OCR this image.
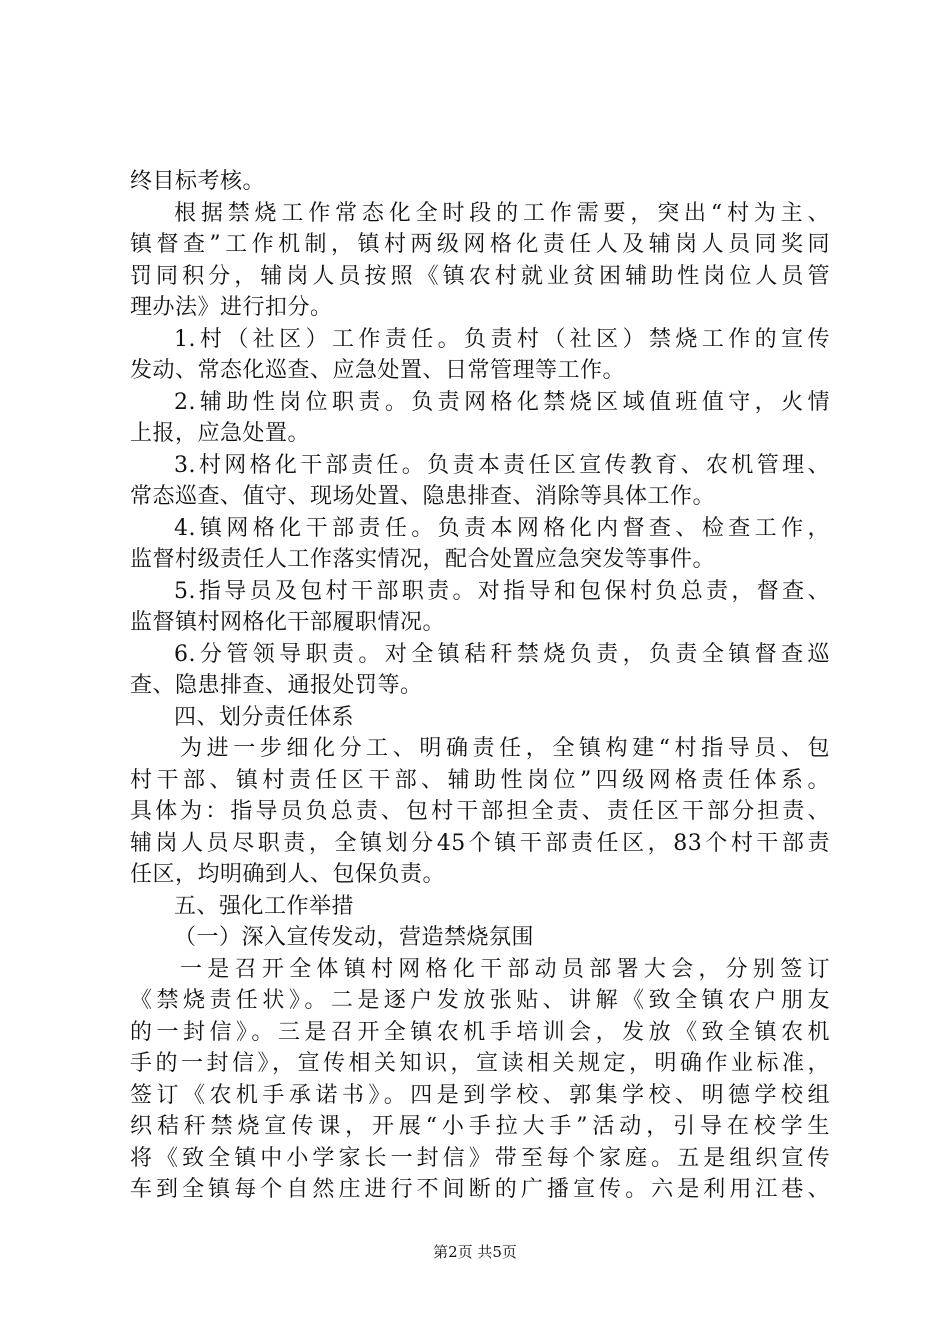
终目标考核。
根据禁烧工作常态化全时段的工作需要，突出“村为主、
镇督查”工作机制，镇村两级网格化责任人及辅岗人员同奖同
罚同积分，辅岗人员按照《镇农村就业贫困辅助性岗位人员管
理办法》进行扣分。
1.村（社区）工作责任。负责村（社区）禁烧工作的宣传
发动、常态化巡查、应急处置、日常管理等工作。
2.辅助性岗位职责。负责网格化禁烧区域值班值守，火情
上报，应急处置。
3.村网格化干部责任。负责本责任区宣传教育、农机管理、
常态巡查、值守、现场处置、隐患排查、消除等具体工作。
4.镇网格化干部责任。负责本网格化内督查、检查工作，
监督村级责任人工作落实情况，配合处置应急突发等事件。
5.指导员及包村干部职责。对指导和包保村负总责，督查、
监督镇村网格化干部履职情况。
6.分管领导职责。对全镇秸秆禁烧负责，负责全镇督查巡
查、隐患排查、通报处罚等。
四、划分责任体系
为进一步细化分工、明确责任，全镇构建“村指导员、包
村干部、镇村责任区干部、辅助性岗位”四级网格责任体系。
具体为：指导员负总责、包村干部担全责、责任区干部分担责、
辅岗人员尽职责，全镇划分45个镇干部责任区，83个村干部责
任区，均明确到人、包保负责。
五、强化工作举措
（一）深入宣传发动，营造禁烧氛围
一是召开全体镇村网格化干部动员部署大会，分别签订
《禁烧责任状》。二是逐户发放张贴、讲解《致全镇农户朋友
的一封信》。三是召开全镇农机手培训会，发放《致全镇农机
手的一封信》，宣传相关知识，宣读相关规定，明确作业标准，
签订《农机手承诺书》。四是到学校、郭集学校、明德学校组
织秸秆禁烧宣传课，开展“小手拉大手”活动，引导在校学生
将《致全镇中小学家长一封信》带至每个家庭。五是组织宣传
车到全镇每个自然庄进行不间断的广播宣传。六是利用江巷、
第2页 共5页
